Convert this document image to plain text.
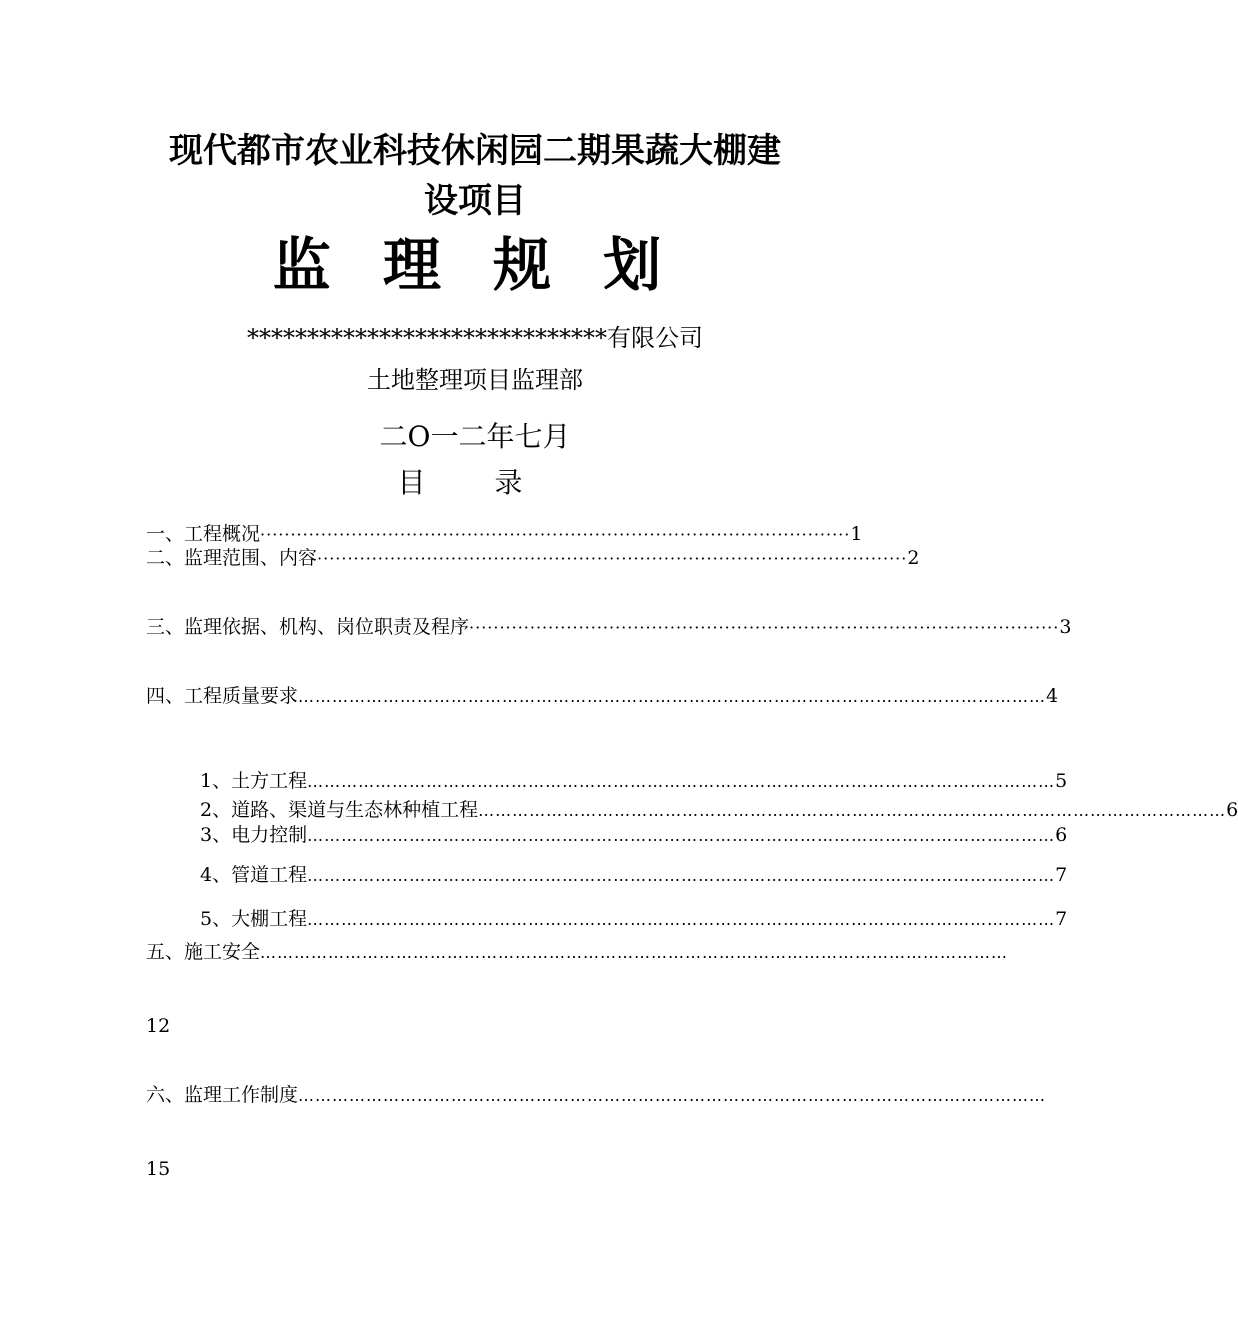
现代都市农业科技休闲园二期果蔬大棚建
设项目
监 理 规 划
******************************有限公司
土地整理项目监理部
二O一二年七月
目 录
一、工程概况 ································································································· 1
二、监理范围、内容 ································································································· 2
三、监理依据、机构、岗位职责及程序 ································································································· 3
四、工程质量要求 …………………………………………………………………………………………………………………… 4
1、土方工程 …………………………………………………………………………………………………………………… 5
2、道路、渠道与生态林种植工程 …………………………………………………………………………………………………………………… 6
3、电力控制 …………………………………………………………………………………………………………………… 6
4、管道工程 …………………………………………………………………………………………………………………… 7
5、大棚工程 …………………………………………………………………………………………………………………… 7
五、施工安全 ……………………………………………………………………………………………………………………
12
六、监理工作制度 ……………………………………………………………………………………………………………………
15
